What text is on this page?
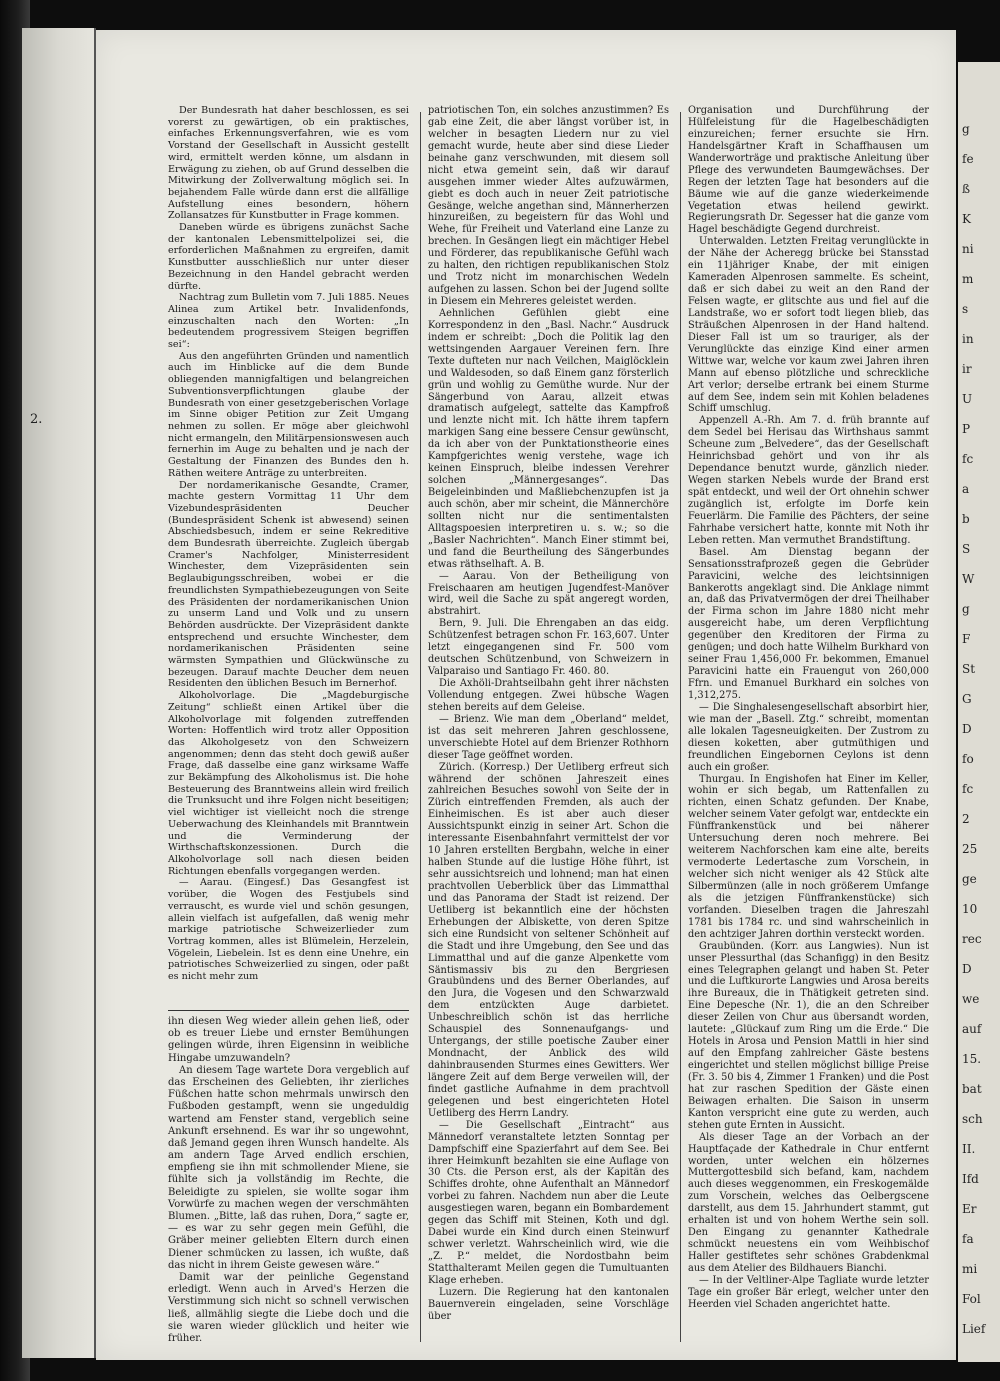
2.
g
fe
ß
K
ni
m
s
in
ir
U
P
fc
a
b
S
W
g
F
St
G
D
fo
fc
2
25
ge
10
rec
D
we
auf
15.
bat
sch
II.
Ifd
Er
fa
mi
Fol
Lief

Der Bundesrath hat daher beschlossen, es sei vorerst zu gewärtigen, ob ein praktisches, einfaches Erkennungsverfahren, wie es vom Vorstand der Gesellschaft in Aussicht gestellt wird, ermittelt werden könne, um alsdann in Erwägung zu ziehen, ob auf Grund desselben die Mitwirkung der Zollverwaltung möglich sei. In bejahendem Falle würde dann erst die allfällige Aufstellung eines besondern, höhern Zollansatzes für Kunstbutter in Frage kommen.

Daneben würde es übrigens zunächst Sache der kantonalen Lebensmittelpolizei sei, die erforderlichen Maßnahmen zu ergreifen, damit Kunstbutter ausschließlich nur unter dieser Bezeichnung in den Handel gebracht werden dürfte.

Nachtrag zum Bulletin vom 7. Juli 1885. Neues Alinea zum Artikel betr. Invalidenfonds, einzuschalten nach den Worten: „In bedeutendem progressivem Steigen begriffen sei“:

Aus den angeführten Gründen und namentlich auch im Hinblicke auf die dem Bunde obliegenden mannigfaltigen und belangreichen Subventionsverpflichtungen glaube der Bundesrath von einer gesetzgeberischen Vorlage im Sinne obiger Petition zur Zeit Umgang nehmen zu sollen. Er möge aber gleichwohl nicht ermangeln, den Militärpensionswesen auch fernerhin im Auge zu behalten und je nach der Gestaltung der Finanzen des Bundes den h. Räthen weitere Anträge zu unterbreiten.

Der nordamerikanische Gesandte, Cramer, machte gestern Vormittag 11 Uhr dem Vizebundespräsidenten Deucher (Bundespräsident Schenk ist abwesend) seinen Abschiedsbesuch, indem er seine Rekreditive dem Bundesrath überreichte. Zugleich übergab Cramer's Nachfolger, Ministerresident Winchester, dem Vizepräsidenten sein Beglaubigungsschreiben, wobei er die freundlichsten Sympathiebezeugungen von Seite des Präsidenten der nordamerikanischen Union zu unserm Land und Volk und zu unsern Behörden ausdrückte. Der Vizepräsident dankte entsprechend und ersuchte Winchester, dem nordamerikanischen Präsidenten seine wärmsten Sympathien und Glückwünsche zu bezeugen. Darauf machte Deucher dem neuen Residenten den üblichen Besuch im Bernerhof.

Alkoholvorlage. Die „Magdeburgische Zeitung“ schließt einen Artikel über die Alkoholvorlage mit folgenden zutreffenden Worten: Hoffentlich wird trotz aller Opposition das Alkoholgesetz von den Schweizern angenommen; denn das steht doch gewiß außer Frage, daß dasselbe eine ganz wirksame Waffe zur Bekämpfung des Alkoholismus ist. Die hohe Besteuerung des Branntweins allein wird freilich die Trunksucht und ihre Folgen nicht beseitigen; viel wichtiger ist vielleicht noch die strenge Ueberwachung des Kleinhandels mit Branntwein und die Verminderung der Wirthschaftskonzessionen. Durch die Alkoholvorlage soll nach diesen beiden Richtungen ebenfalls vorgegangen werden.

— Aarau. (Eingesf.) Das Gesangfest ist vorüber, die Wogen des Festjubels sind verrauscht, es wurde viel und schön gesungen, allein vielfach ist aufgefallen, daß wenig mehr markige patriotische Schweizerlieder zum Vortrag kommen, alles ist Blümelein, Herzelein, Vögelein, Liebelein. Ist es denn eine Unehre, ein patriotisches Schweizerlied zu singen, oder paßt es nicht mehr zum

ihn diesen Weg wieder allein gehen ließ, oder ob es treuer Liebe und ernster Bemühungen gelingen würde, ihren Eigensinn in weibliche Hingabe umzuwandeln?

An diesem Tage wartete Dora vergeblich auf das Erscheinen des Geliebten, ihr zierliches Füßchen hatte schon mehrmals unwirsch den Fußboden gestampft, wenn sie ungeduldig wartend am Fenster stand, vergeblich seine Ankunft ersehnend. Es war ihr so ungewohnt, daß Jemand gegen ihren Wunsch handelte. Als am andern Tage Arved endlich erschien, empfieng sie ihn mit schmollender Miene, sie fühlte sich ja vollständig im Rechte, die Beleidigte zu spielen, sie wollte sogar ihm Vorwürfe zu machen wegen der verschmähten Blumen. „Bitte, laß das ruhen, Dora,“ sagte er, — es war zu sehr gegen mein Gefühl, die Gräber meiner geliebten Eltern durch einen Diener schmücken zu lassen, ich wußte, daß das nicht in ihrem Geiste gewesen wäre.“

Damit war der peinliche Gegenstand erledigt. Wenn auch in Arved's Herzen die Verstimmung sich nicht so schnell verwischen ließ, allmählig siegte die Liebe doch und die sie waren wieder glücklich und heiter wie früher.

patriotischen Ton, ein solches anzustimmen? Es gab eine Zeit, die aber längst vorüber ist, in welcher in besagten Liedern nur zu viel gemacht wurde, heute aber sind diese Lieder beinahe ganz verschwunden, mit diesem soll nicht etwa gemeint sein, daß wir darauf ausgehen immer wieder Altes aufzuwärmen, giebt es doch auch in neuer Zeit patriotische Gesänge, welche angethan sind, Männerherzen hinzureißen, zu begeistern für das Wohl und Wehe, für Freiheit und Vaterland eine Lanze zu brechen. In Gesängen liegt ein mächtiger Hebel und Förderer, das republikanische Gefühl wach zu halten, den richtigen republikanischen Stolz und Trotz nicht im monarchischen Wedeln aufgehen zu lassen. Schon bei der Jugend sollte in Diesem ein Mehreres geleistet werden.

Aehnlichen Gefühlen giebt eine Korrespondenz in den „Basl. Nachr.“ Ausdruck indem er schreibt: „Doch die Politik lag den wettsingenden Aargauer Vereinen fern. Ihre Texte dufteten nur nach Veilchen, Maiglöcklein und Waldesoden, so daß Einem ganz försterlich grün und wohlig zu Gemüthe wurde. Nur der Sängerbund von Aarau, allzeit etwas dramatisch aufgelegt, sattelte das Kampfroß und lenzte nicht mit. Ich hätte ihrem tapfern markigen Sang eine bessere Censur gewünscht, da ich aber von der Punktationstheorie eines Kampfgerichtes wenig verstehe, wage ich keinen Einspruch, bleibe indessen Verehrer solchen „Männergesanges“. Das Beigeleinbinden und Maßliebchenzupfen ist ja auch schön, aber mir scheint, die Männerchöre sollten nicht nur die sentimentalsten Alltagspoesien interpretiren u. s. w.; so die „Basler Nachrichten“. Manch Einer stimmt bei, und fand die Beurtheilung des Sängerbundes etwas räthselhaft. A. B.

— Aarau. Von der Betheiligung von Freischaaren am heutigen Jugendfest-Manöver wird, weil die Sache zu spät angeregt worden, abstrahirt.

Bern, 9. Juli. Die Ehrengaben an das eidg. Schützenfest betragen schon Fr. 163,607. Unter letzt eingegangenen sind Fr. 500 vom deutschen Schützenbund, von Schweizern in Valparaiso und Santiago Fr. 460. 80.

Die Axhöli-Drahtseilbahn geht ihrer nächsten Vollendung entgegen. Zwei hübsche Wagen stehen bereits auf dem Geleise.

— Brienz. Wie man dem „Oberland“ meldet, ist das seit mehreren Jahren geschlossene, unverschiebte Hotel auf dem Brienzer Rothhorn dieser Tage geöffnet worden.

Zürich. (Korresp.) Der Uetliberg erfreut sich während der schönen Jahreszeit eines zahlreichen Besuches sowohl von Seite der in Zürich eintreffenden Fremden, als auch der Einheimischen. Es ist aber auch dieser Aussichtspunkt einzig in seiner Art. Schon die interessante Eisenbahnfahrt vermittelst der vor 10 Jahren erstellten Bergbahn, welche in einer halben Stunde auf die lustige Höhe führt, ist sehr aussichtsreich und lohnend; man hat einen prachtvollen Ueberblick über das Limmatthal und das Panorama der Stadt ist reizend. Der Uetliberg ist bekanntlich eine der höchsten Erhebungen der Albiskette, von deren Spitze sich eine Rundsicht von seltener Schönheit auf die Stadt und ihre Umgebung, den See und das Limmatthal und auf die ganze Alpenkette vom Säntismassiv bis zu den Bergriesen Graubündens und des Berner Oberlandes, auf den Jura, die Vogesen und den Schwarzwald dem entzückten Auge darbietet. Unbeschreiblich schön ist das herrliche Schauspiel des Sonnenaufgangs- und Untergangs, der stille poetische Zauber einer Mondnacht, der Anblick des wild dahinbrausenden Sturmes eines Gewitters. Wer längere Zeit auf dem Berge verweilen will, der findet gastliche Aufnahme in dem prachtvoll gelegenen und best eingerichteten Hotel Uetliberg des Herrn Landry.

— Die Gesellschaft „Eintracht“ aus Männedorf veranstaltete letzten Sonntag per Dampfschiff eine Spazierfahrt auf dem See. Bei ihrer Heimkunft bezahlten sie eine Auflage von 30 Cts. die Person erst, als der Kapitän des Schiffes drohte, ohne Aufenthalt an Männedorf vorbei zu fahren. Nachdem nun aber die Leute ausgestiegen waren, begann ein Bombardement gegen das Schiff mit Steinen, Koth und dgl. Dabei wurde ein Kind durch einen Steinwurf schwer verletzt. Wahrscheinlich wird, wie die „Z. P.“ meldet, die Nordostbahn beim Statthalteramt Meilen gegen die Tumultuanten Klage erheben.

Luzern. Die Regierung hat den kantonalen Bauernverein eingeladen, seine Vorschläge über

Organisation und Durchführung der Hülfeleistung für die Hagelbeschädigten einzureichen; ferner ersuchte sie Hrn. Handelsgärtner Kraft in Schaffhausen um Wanderworträge und praktische Anleitung über Pflege des verwundeten Baumgewächses. Der Regen der letzten Tage hat besonders auf die Bäume wie auf die ganze wiederkeimende Vegetation etwas heilend gewirkt. Regierungsrath Dr. Segesser hat die ganze vom Hagel beschädigte Gegend durchreist.

Unterwalden. Letzten Freitag verunglückte in der Nähe der Acheregg brücke bei Stansstad ein 11jähriger Knabe, der mit einigen Kameraden Alpenrosen sammelte. Es scheint, daß er sich dabei zu weit an den Rand der Felsen wagte, er glitschte aus und fiel auf die Landstraße, wo er sofort todt liegen blieb, das Sträußchen Alpenrosen in der Hand haltend. Dieser Fall ist um so trauriger, als der Verunglückte das einzige Kind einer armen Wittwe war, welche vor kaum zwei Jahren ihren Mann auf ebenso plötzliche und schreckliche Art verlor; derselbe ertrank bei einem Sturme auf dem See, indem sein mit Kohlen beladenes Schiff umschlug.

Appenzell A.-Rh. Am 7. d. früh brannte auf dem Sedel bei Herisau das Wirthshaus sammt Scheune zum „Belvedere“, das der Gesellschaft Heinrichsbad gehört und von ihr als Dependance benutzt wurde, gänzlich nieder. Wegen starken Nebels wurde der Brand erst spät entdeckt, und weil der Ort ohnehin schwer zugänglich ist, erfolgte im Dorfe kein Feuerlärm. Die Familie des Pächters, der seine Fahrhabe versichert hatte, konnte mit Noth ihr Leben retten. Man vermuthet Brandstiftung.

Basel. Am Dienstag begann der Sensationsstrafprozeß gegen die Gebrüder Paravicini, welche des leichtsinnigen Bankerotts angeklagt sind. Die Anklage nimmt an, daß das Privatvermögen der drei Theilhaber der Firma schon im Jahre 1880 nicht mehr ausgereicht habe, um deren Verpflichtung gegenüber den Kreditoren der Firma zu genügen; und doch hatte Wilhelm Burkhard von seiner Frau 1,456,000 Fr. bekommen, Emanuel Paravicini hatte ein Frauengut von 260,000 Ffrn. und Emanuel Burkhard ein solches von 1,312,275.

— Die Singhalesengesellschaft absorbirt hier, wie man der „Basell. Ztg.“ schreibt, momentan alle lokalen Tagesneuigkeiten. Der Zustrom zu diesen koketten, aber gutmüthigen und freundlichen Eingebornen Ceylons ist denn auch ein großer.

Thurgau. In Engishofen hat Einer im Keller, wohin er sich begab, um Rattenfallen zu richten, einen Schatz gefunden. Der Knabe, welcher seinem Vater gefolgt war, entdeckte ein Fünffrankenstück und bei näherer Untersuchung deren noch mehrere. Bei weiterem Nachforschen kam eine alte, bereits vermoderte Ledertasche zum Vorschein, in welcher sich nicht weniger als 42 Stück alte Silbermünzen (alle in noch größerem Umfange als die jetzigen Fünffrankenstücke) sich vorfanden. Dieselben tragen die Jahreszahl 1781 bis 1784 rc. und sind wahrscheinlich in den achtziger Jahren dorthin versteckt worden.

Graubünden. (Korr. aus Langwies). Nun ist unser Plessurthal (das Schanfigg) in den Besitz eines Telegraphen gelangt und haben St. Peter und die Luftkurorte Langwies und Arosa bereits ihre Bureaux, die in Thätigkeit getreten sind. Eine Depesche (Nr. 1), die an den Schreiber dieser Zeilen von Chur aus übersandt worden, lautete: „Glückauf zum Ring um die Erde.“ Die Hotels in Arosa und Pension Mattli in hier sind auf den Empfang zahlreicher Gäste bestens eingerichtet und stellen möglichst billige Preise (Fr. 3. 50 bis 4, Zimmer 1 Franken) und die Post hat zur raschen Spedition der Gäste einen Beiwagen erhalten. Die Saison in unserm Kanton verspricht eine gute zu werden, auch stehen gute Ernten in Aussicht.

Als dieser Tage an der Vorbach an der Hauptfaçade der Kathedrale in Chur entfernt worden, unter welchen ein hölzernes Muttergottesbild sich befand, kam, nachdem auch dieses weggenommen, ein Freskogemälde zum Vorschein, welches das Oelbergscene darstellt, aus dem 15. Jahrhundert stammt, gut erhalten ist und von hohem Werthe sein soll. Den Eingang zu genannter Kathedrale schmückt neuestens ein vom Weihbischof Haller gestiftetes sehr schönes Grabdenkmal aus dem Atelier des Bildhauers Bianchi.

— In der Veltliner-Alpe Tagliate wurde letzter Tage ein großer Bär erlegt, welcher unter den Heerden viel Schaden angerichtet hatte.
